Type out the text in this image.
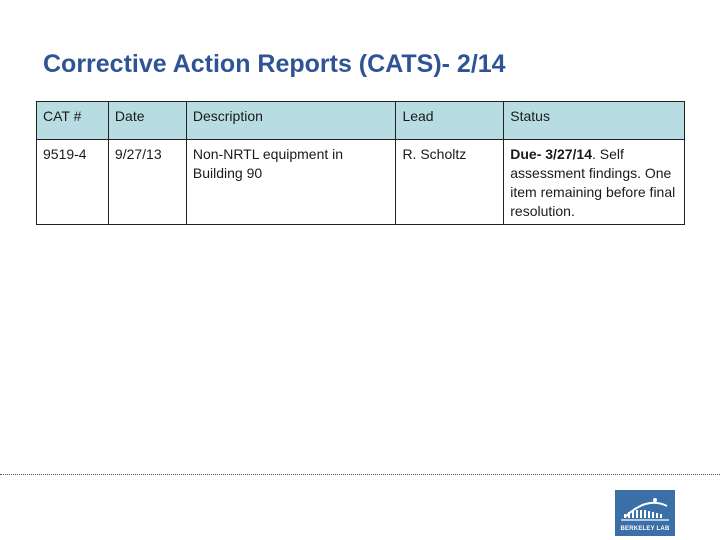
Corrective Action Reports (CATS)- 2/14
CAT #	Date	Description	Lead	Status
9519-4	9/27/13	Non-NRTL equipment in Building 90	R. Scholtz	Due- 3/27/14. Self assessment findings. One item remaining before final resolution.
BERKELEY LAB
